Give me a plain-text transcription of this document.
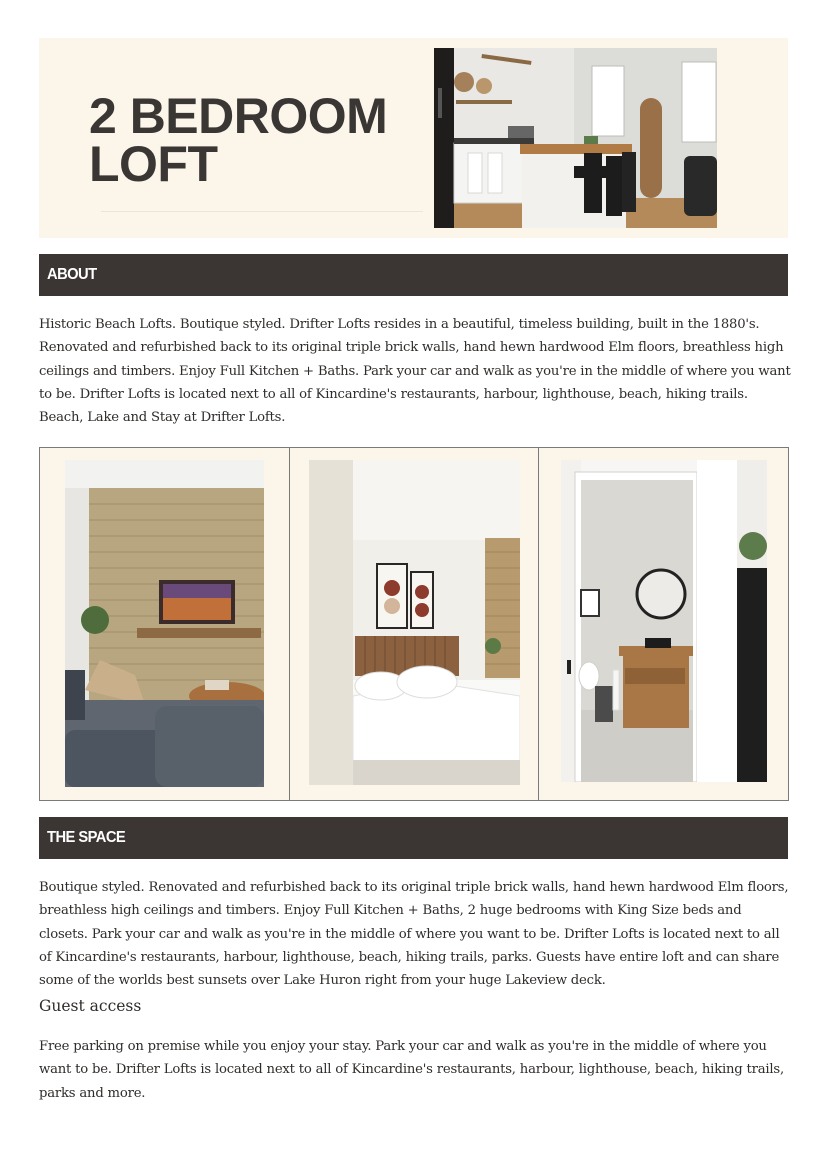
2 BEDROOM
LOFT
ABOUT

Historic Beach Lofts. Boutique styled. Drifter Lofts resides in a beautiful, timeless building, built in the 1880's. Renovated and refurbished back to its original triple brick walls, hand hewn hardwood Elm floors, breathless high ceilings and timbers. Enjoy Full Kitchen + Baths. Park your car and walk as you're in the middle of where you want to be. Drifter Lofts is located next to all of Kincardine's restaurants, harbour, lighthouse, beach, hiking trails. Beach, Lake and Stay at Drifter Lofts.

THE SPACE

Boutique styled. Renovated and refurbished back to its original triple brick walls, hand hewn hardwood Elm floors, breathless high ceilings and timbers. Enjoy Full Kitchen + Baths, 2 huge bedrooms with King Size beds and closets. Park your car and walk as you're in the middle of where you want to be. Drifter Lofts is located next to all of Kincardine's restaurants, harbour, lighthouse, beach, hiking trails, parks. Guests have entire loft and can share some of the worlds best sunsets over Lake Huron right from your huge Lakeview deck.

Guest access

Free parking on premise while you enjoy your stay. Park your car and walk as you're in the middle of where you want to be. Drifter Lofts is located next to all of Kincardine's restaurants, harbour, lighthouse, beach, hiking trails, parks and more.
